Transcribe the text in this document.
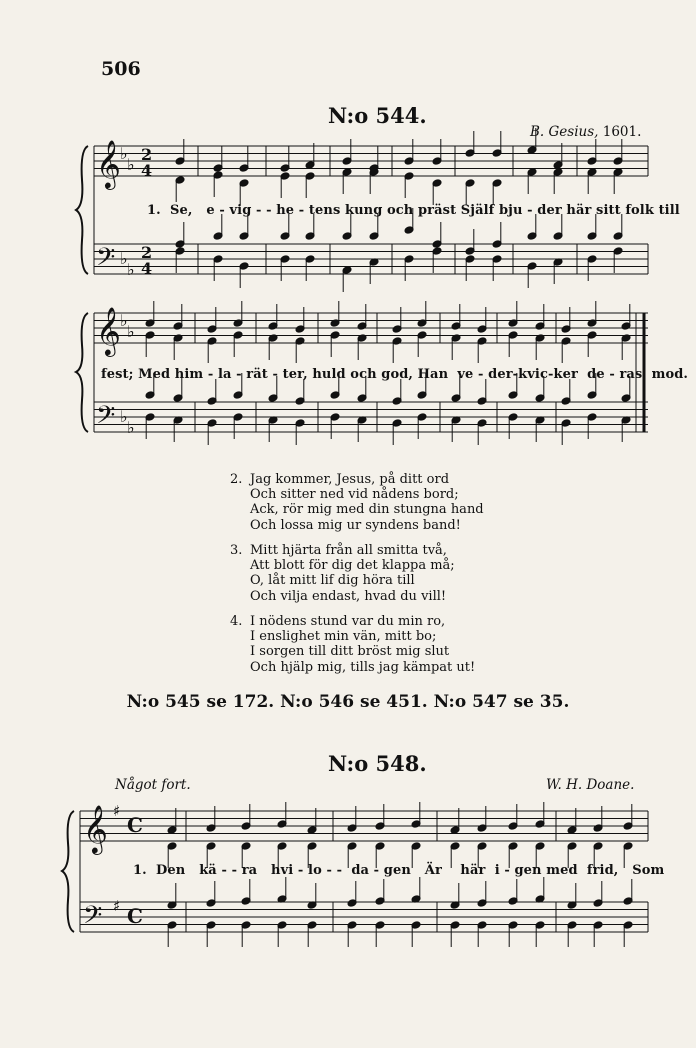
506
N:o 544.
B. Gesius, 1601.
𝄞
𝄢
𝄞
𝄢
𝄞
𝄢
♭
♭
♭
♭
♭
♭
♭
♭
♯
♯
2
4
2
4
C
C
1.  Se,   e - vig - - he - tens kung och präst Själf bju - der här sitt folk till
fest; Med him - la - rät - ter, huld och god, Han  ve - der-kvic-ker  de - ras  mod.
2. Jag kommer, Jesus, på ditt ord
Och sitter ned vid nådens bord;
Ack, rör mig med din stungna hand
Och lossa mig ur syndens band!
3. Mitt hjärta från all smitta två,
Att blott för dig det klappa må;
O, låt mitt lif dig höra till
Och vilja endast, hvad du vill!
4. I nödens stund var du min ro,
I enslighet min vän, mitt bo;
I sorgen till ditt bröst mig slut
Och hjälp mig, tills jag kämpat ut!
N:o 545 se 172. N:o 546 se 451. N:o 547 se 35.
N:o 548.
Något fort.	W. H. Doane.
1.  Den   kä - - ra   hvi - lo - -  da - gen   Är    här  i - gen med  frid,   Som
